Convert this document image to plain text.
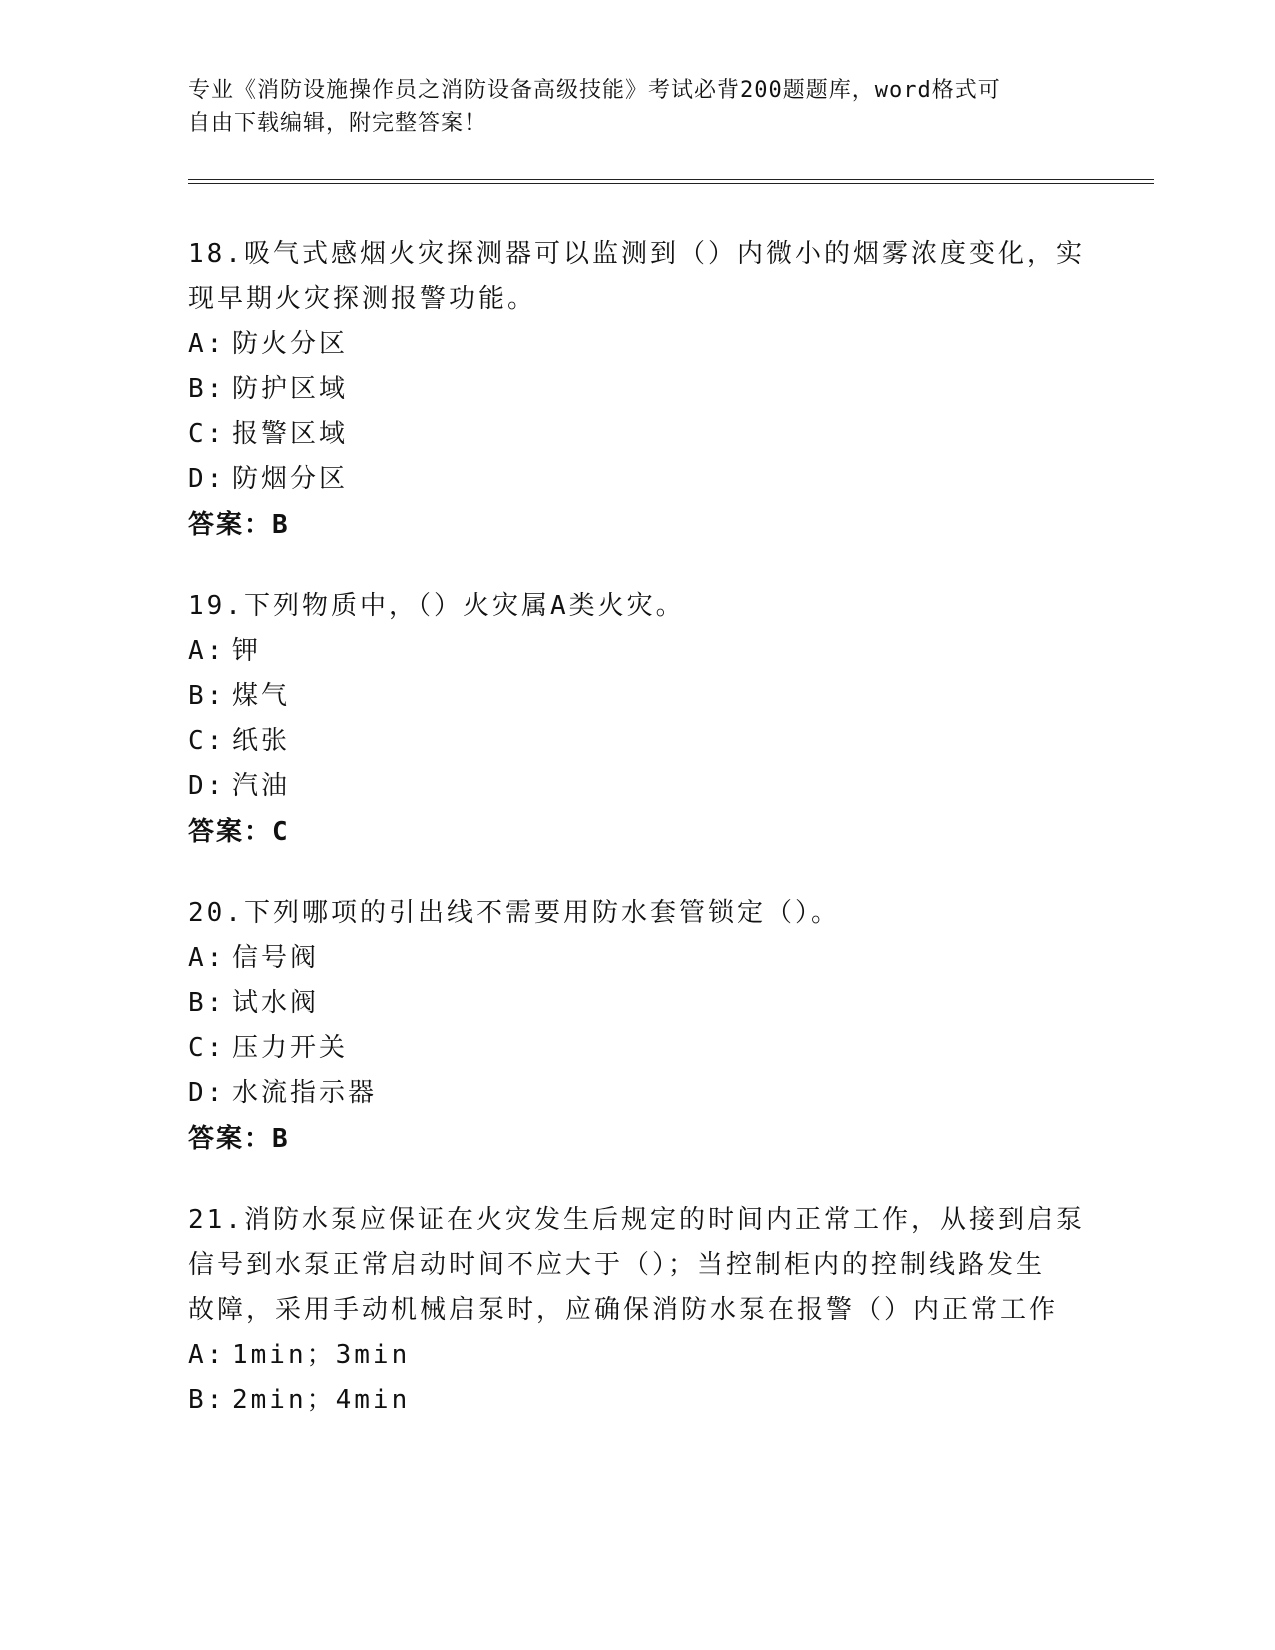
专业《消防设施操作员之消防设备高级技能》考试必背200题题库，word格式可
自由下载编辑，附完整答案！
18.吸气式感烟火灾探测器可以监测到（）内微小的烟雾浓度变化，实
现早期火灾探测报警功能。
A: 防火分区
B: 防护区域
C: 报警区域
D: 防烟分区
答案：B
19.下列物质中，（）火灾属A类火灾。
A: 钾
B: 煤气
C: 纸张
D: 汽油
答案：C
20.下列哪项的引出线不需要用防水套管锁定（）。
A: 信号阀
B: 试水阀
C: 压力开关
D: 水流指示器
答案：B
21.消防水泵应保证在火灾发生后规定的时间内正常工作，从接到启泵
信号到水泵正常启动时间不应大于（）；当控制柜内的控制线路发生
故障，采用手动机械启泵时，应确保消防水泵在报警（）内正常工作
A: 1min；3min
B: 2min；4min
